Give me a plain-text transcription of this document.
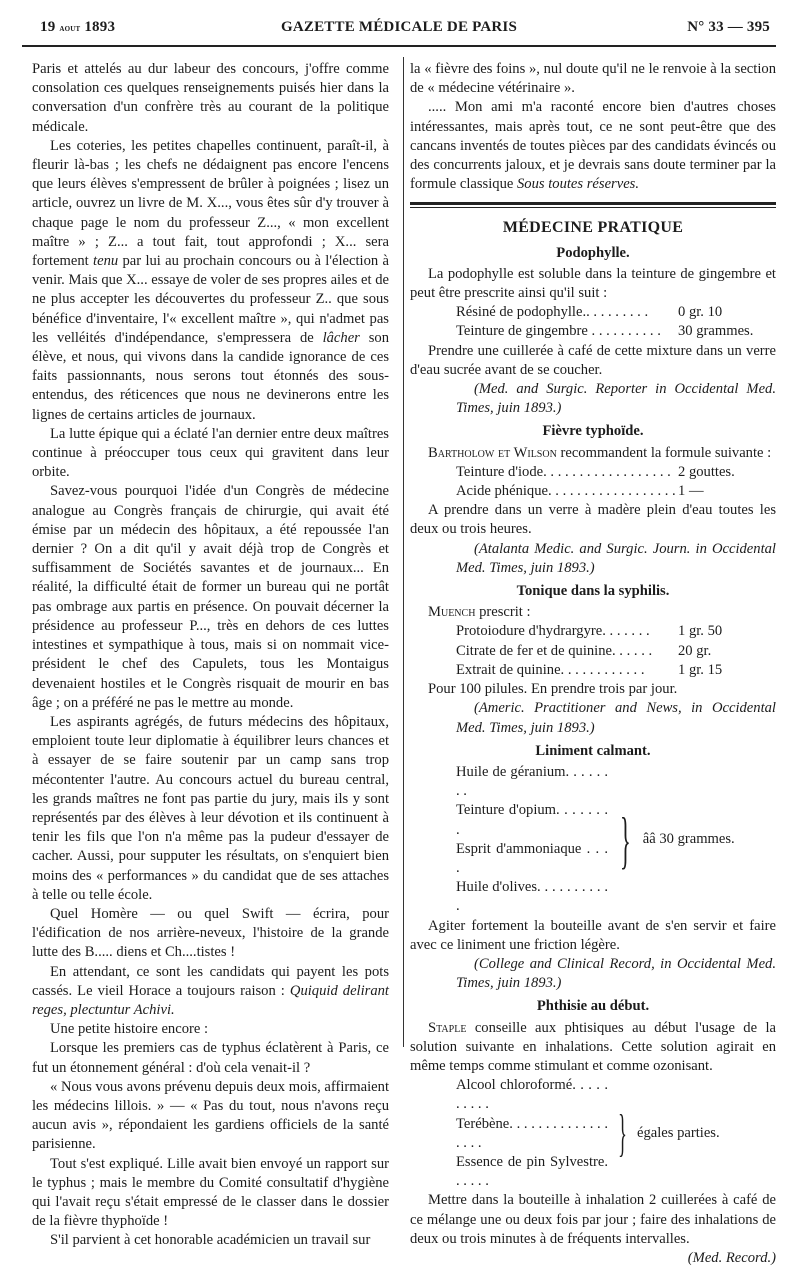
19 aout 1893	GAZETTE MÉDICALE DE PARIS	N° 33 — 395

Paris et attelés au dur labeur des concours, j'offre comme consolation ces quelques renseignements puisés hier dans la conversation d'un confrère très au courant de la politique médicale.

Les coteries, les petites chapelles continuent, paraît-il, à fleurir là-bas ; les chefs ne dédaignent pas encore l'encens que leurs élèves s'empressent de brûler à poignées ; lisez un article, ouvrez un livre de M. X..., vous êtes sûr d'y trouver à chaque page le nom du professeur Z..., « mon excellent maître » ; Z... a tout fait, tout approfondi ; X... sera fortement tenu par lui au prochain concours ou à l'élection à venir. Mais que X... essaye de voler de ses propres ailes et de ne plus accepter les découvertes du professeur Z.. que sous bénéfice d'inventaire, l'« excellent maître », qui n'admet pas les velléités d'indépendance, s'empressera de lâcher son élève, et nous, qui vivons dans la candide ignorance de ces faits passionnants, nous serons tout étonnés des sous-entendus, des réticences que nous ne devinerons entre les lignes de certains articles de journaux.

La lutte épique qui a éclaté l'an dernier entre deux maîtres continue à préoccuper tous ceux qui gravitent dans leur orbite.

Savez-vous pourquoi l'idée d'un Congrès de médecine analogue au Congrès français de chirurgie, qui avait été émise par un médecin des hôpitaux, a été repoussée l'an dernier ? On a dit qu'il y avait déjà trop de Congrès et suffisamment de Sociétés savantes et de journaux... En réalité, la difficulté était de former un bureau qui ne portât pas ombrage aux partis en présence. On pouvait décerner la présidence au professeur P..., très en dehors de ces luttes intestines et sympathique à tous, mais si on nommait vice-président le chef des Capulets, tous les Montaigus devenaient hostiles et le Congrès risquait de mourir en bas âge ; on a préféré ne pas le mettre au monde.

Les aspirants agrégés, de futurs médecins des hôpitaux, emploient toute leur diplomatie à équilibrer leurs chances et à essayer de se faire soutenir par un camp sans trop mécontenter l'autre. Au concours actuel du bureau central, les grands maîtres ne font pas partie du jury, mais ils y sont représentés par des élèves à leur dévotion et ils continuent à tenir les fils que l'on n'a même pas la pudeur d'essayer de cacher. Aussi, pour supputer les résultats, on s'enquiert bien moins des « performances » du candidat que de ses attaches à telle ou telle école.

Quel Homère — ou quel Swift — écrira, pour l'édification de nos arrière-neveux, l'histoire de la grande lutte des B..... diens et Ch....tistes !

En attendant, ce sont les candidats qui payent les pots cassés. Le vieil Horace a toujours raison : Quiquid delirant reges, plectuntur Achivi.

Une petite histoire encore :

Lorsque les premiers cas de typhus éclatèrent à Paris, ce fut un étonnement général : d'où cela venait-il ?

« Nous vous avons prévenu depuis deux mois, affirmaient les médecins lillois. » — « Pas du tout, nous n'avons reçu aucun avis », répondaient les gardiens officiels de la santé parisienne.

Tout s'est expliqué. Lille avait bien envoyé un rapport sur le typhus ; mais le membre du Comité consultatif d'hygiène qui l'avait reçu s'était empressé de le classer dans le dossier de la fièvre thyphoïde !

S'il parvient à cet honorable académicien un travail sur

la « fièvre des foins », nul doute qu'il ne le renvoie à la section de « médecine vétérinaire ».

..... Mon ami m'a raconté encore bien d'autres choses intéressantes, mais après tout, ce ne sont peut-être que des cancans inventés de toutes pièces par des candidats évincés ou des concurrents jaloux, et je devrais sans doute terminer par la formule classique Sous toutes réserves.

MÉDECINE PRATIQUE
Podophylle.

La podophylle est soluble dans la teinture de gingembre et peut être prescrite ainsi qu'il suit :

Résiné de podophylle.. . . . . . . . .	0 gr. 10
Teinture de gingembre . . . . . . . . . .	30 grammes.

Prendre une cuillerée à café de cette mixture dans un verre d'eau sucrée avant de se coucher.

(Med. and Surgic. Reporter in Occidental Med. Times, juin 1893.)

Fièvre typhoïde.

Bartholow et Wilson recommandent la formule suivante :

Teinture d'iode. . . . . . . . . . . . . . . . . . 2 gouttes.
Acide phénique. . . . . . . . . . . . . . . . . . 1 —

A prendre dans un verre à madère plein d'eau toutes les deux ou trois heures.

(Atalanta Medic. and Surgic. Journ. in Occidental Med. Times, juin 1893.)

Tonique dans la syphilis.

Muench prescrit :

Protoiodure d'hydrargyre. . . . . . .	1 gr. 50
Citrate de fer et de quinine. . . . . .	20 gr.
Extrait de quinine. . . . . . . . . . . .	1 gr. 15

Pour 100 pilules. En prendre trois par jour.

(Americ. Practitioner and News, in Occidental Med. Times, juin 1893.)

Liniment calmant.
Huile de géranium. . . . . . . .
Teinture d'opium. . . . . . . .
Esprit d'ammoniaque . . . .
Huile d'olives. . . . . . . . . . .
} ââ 30 grammes.

Agiter fortement la bouteille avant de s'en servir et faire avec ce liniment une friction légère.

(College and Clinical Record, in Occidental Med. Times, juin 1893.)

Phthisie au début.

Staple conseille aux phtisiques au début l'usage de la solution suivante en inhalations. Cette solution agirait en même temps comme stimulant et comme ozonisant.

Alcool chloroformé. . . . . . . . . .
Terébène. . . . . . . . . . . . . . . . . .
Essence de pin Sylvestre. . . . . .
} égales parties.

Mettre dans la bouteille à inhalation 2 cuillerées à café de ce mélange une ou deux fois par jour ; faire des inhalations de deux ou trois minutes à de fréquents intervalles.

(Med. Record.)
